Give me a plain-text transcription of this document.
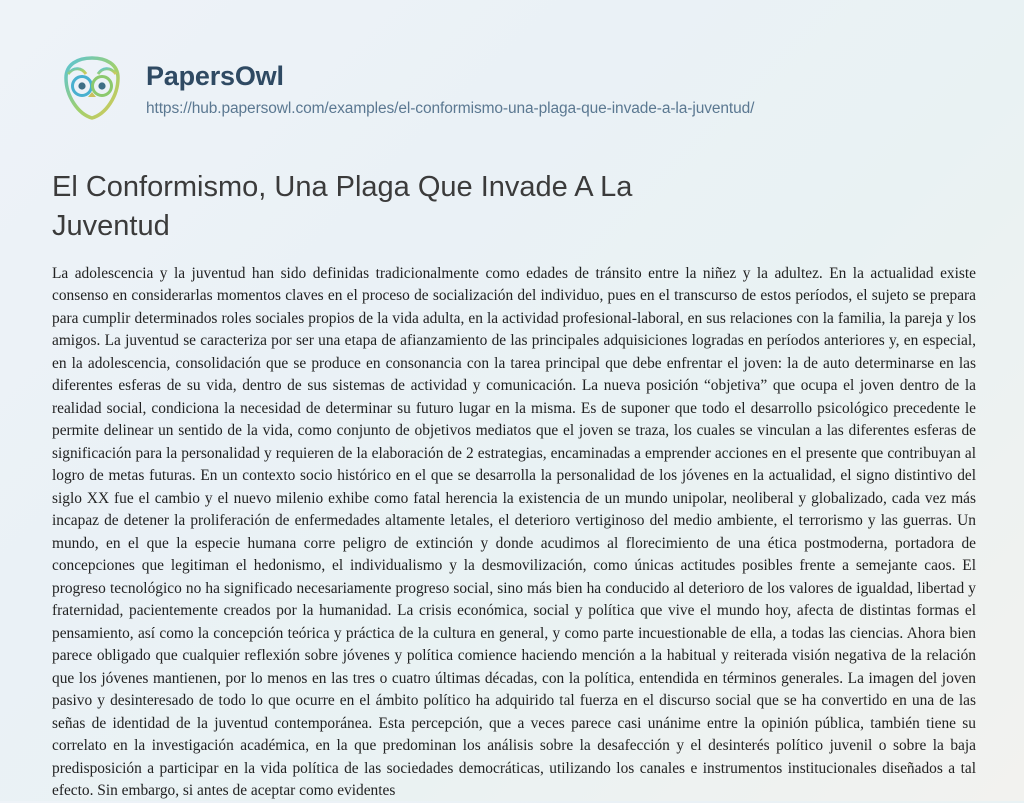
PapersOwl
https://hub.papersowl.com/examples/el-conformismo-una-plaga-que-invade-a-la-juventud/
El Conformismo, Una Plaga Que Invade A La Juventud
La adolescencia y la juventud han sido definidas tradicionalmente como edades de tránsito entre la niñez y la adultez. En la actualidad existe consenso en considerarlas momentos claves en el proceso de socialización del individuo, pues en el transcurso de estos períodos, el sujeto se prepara para cumplir determinados roles sociales propios de la vida adulta, en la actividad profesional-laboral, en sus relaciones con la familia, la pareja y los amigos. La juventud se caracteriza por ser una etapa de afianzamiento de las principales adquisiciones logradas en períodos anteriores y, en especial, en la adolescencia, consolidación que se produce en consonancia con la tarea principal que debe enfrentar el joven: la de auto determinarse en las diferentes esferas de su vida, dentro de sus sistemas de actividad y comunicación. La nueva posición “objetiva” que ocupa el joven dentro de la realidad social, condiciona la necesidad de determinar su futuro lugar en la misma. Es de suponer que todo el desarrollo psicológico precedente le permite delinear un sentido de la vida, como conjunto de objetivos mediatos que el joven se traza, los cuales se vinculan a las diferentes esferas de significación para la personalidad y requieren de la elaboración de 2 estrategias, encaminadas a emprender acciones en el presente que contribuyan al logro de metas futuras. En un contexto socio histórico en el que se desarrolla la personalidad de los jóvenes en la actualidad, el signo distintivo del siglo XX fue el cambio y el nuevo milenio exhibe como fatal herencia la existencia de un mundo unipolar, neoliberal y globalizado, cada vez más incapaz de detener la proliferación de enfermedades altamente letales, el deterioro vertiginoso del medio ambiente, el terrorismo y las guerras. Un mundo, en el que la especie humana corre peligro de extinción y donde acudimos al florecimiento de una ética postmoderna, portadora de concepciones que legitiman el hedonismo, el individualismo y la desmovilización, como únicas actitudes posibles frente a semejante caos. El progreso tecnológico no ha significado necesariamente progreso social, sino más bien ha conducido al deterioro de los valores de igualdad, libertad y fraternidad, pacientemente creados por la humanidad. La crisis económica, social y política que vive el mundo hoy, afecta de distintas formas el pensamiento, así como la concepción teórica y práctica de la cultura en general, y como parte incuestionable de ella, a todas las ciencias. Ahora bien parece obligado que cualquier reflexión sobre jóvenes y política comience haciendo mención a la habitual y reiterada visión negativa de la relación que los jóvenes mantienen, por lo menos en las tres o cuatro últimas décadas, con la política, entendida en términos generales. La imagen del joven pasivo y desinteresado de todo lo que ocurre en el ámbito político ha adquirido tal fuerza en el discurso social que se ha convertido en una de las señas de identidad de la juventud contemporánea. Esta percepción, que a veces parece casi unánime entre la opinión pública, también tiene su correlato en la investigación académica, en la que predominan los análisis sobre la desafección y el desinterés político juvenil o sobre la baja predisposición a participar en la vida política de las sociedades democráticas, utilizando los canales e instrumentos institucionales diseñados a tal efecto. Sin embargo, si antes de aceptar como evidentes
